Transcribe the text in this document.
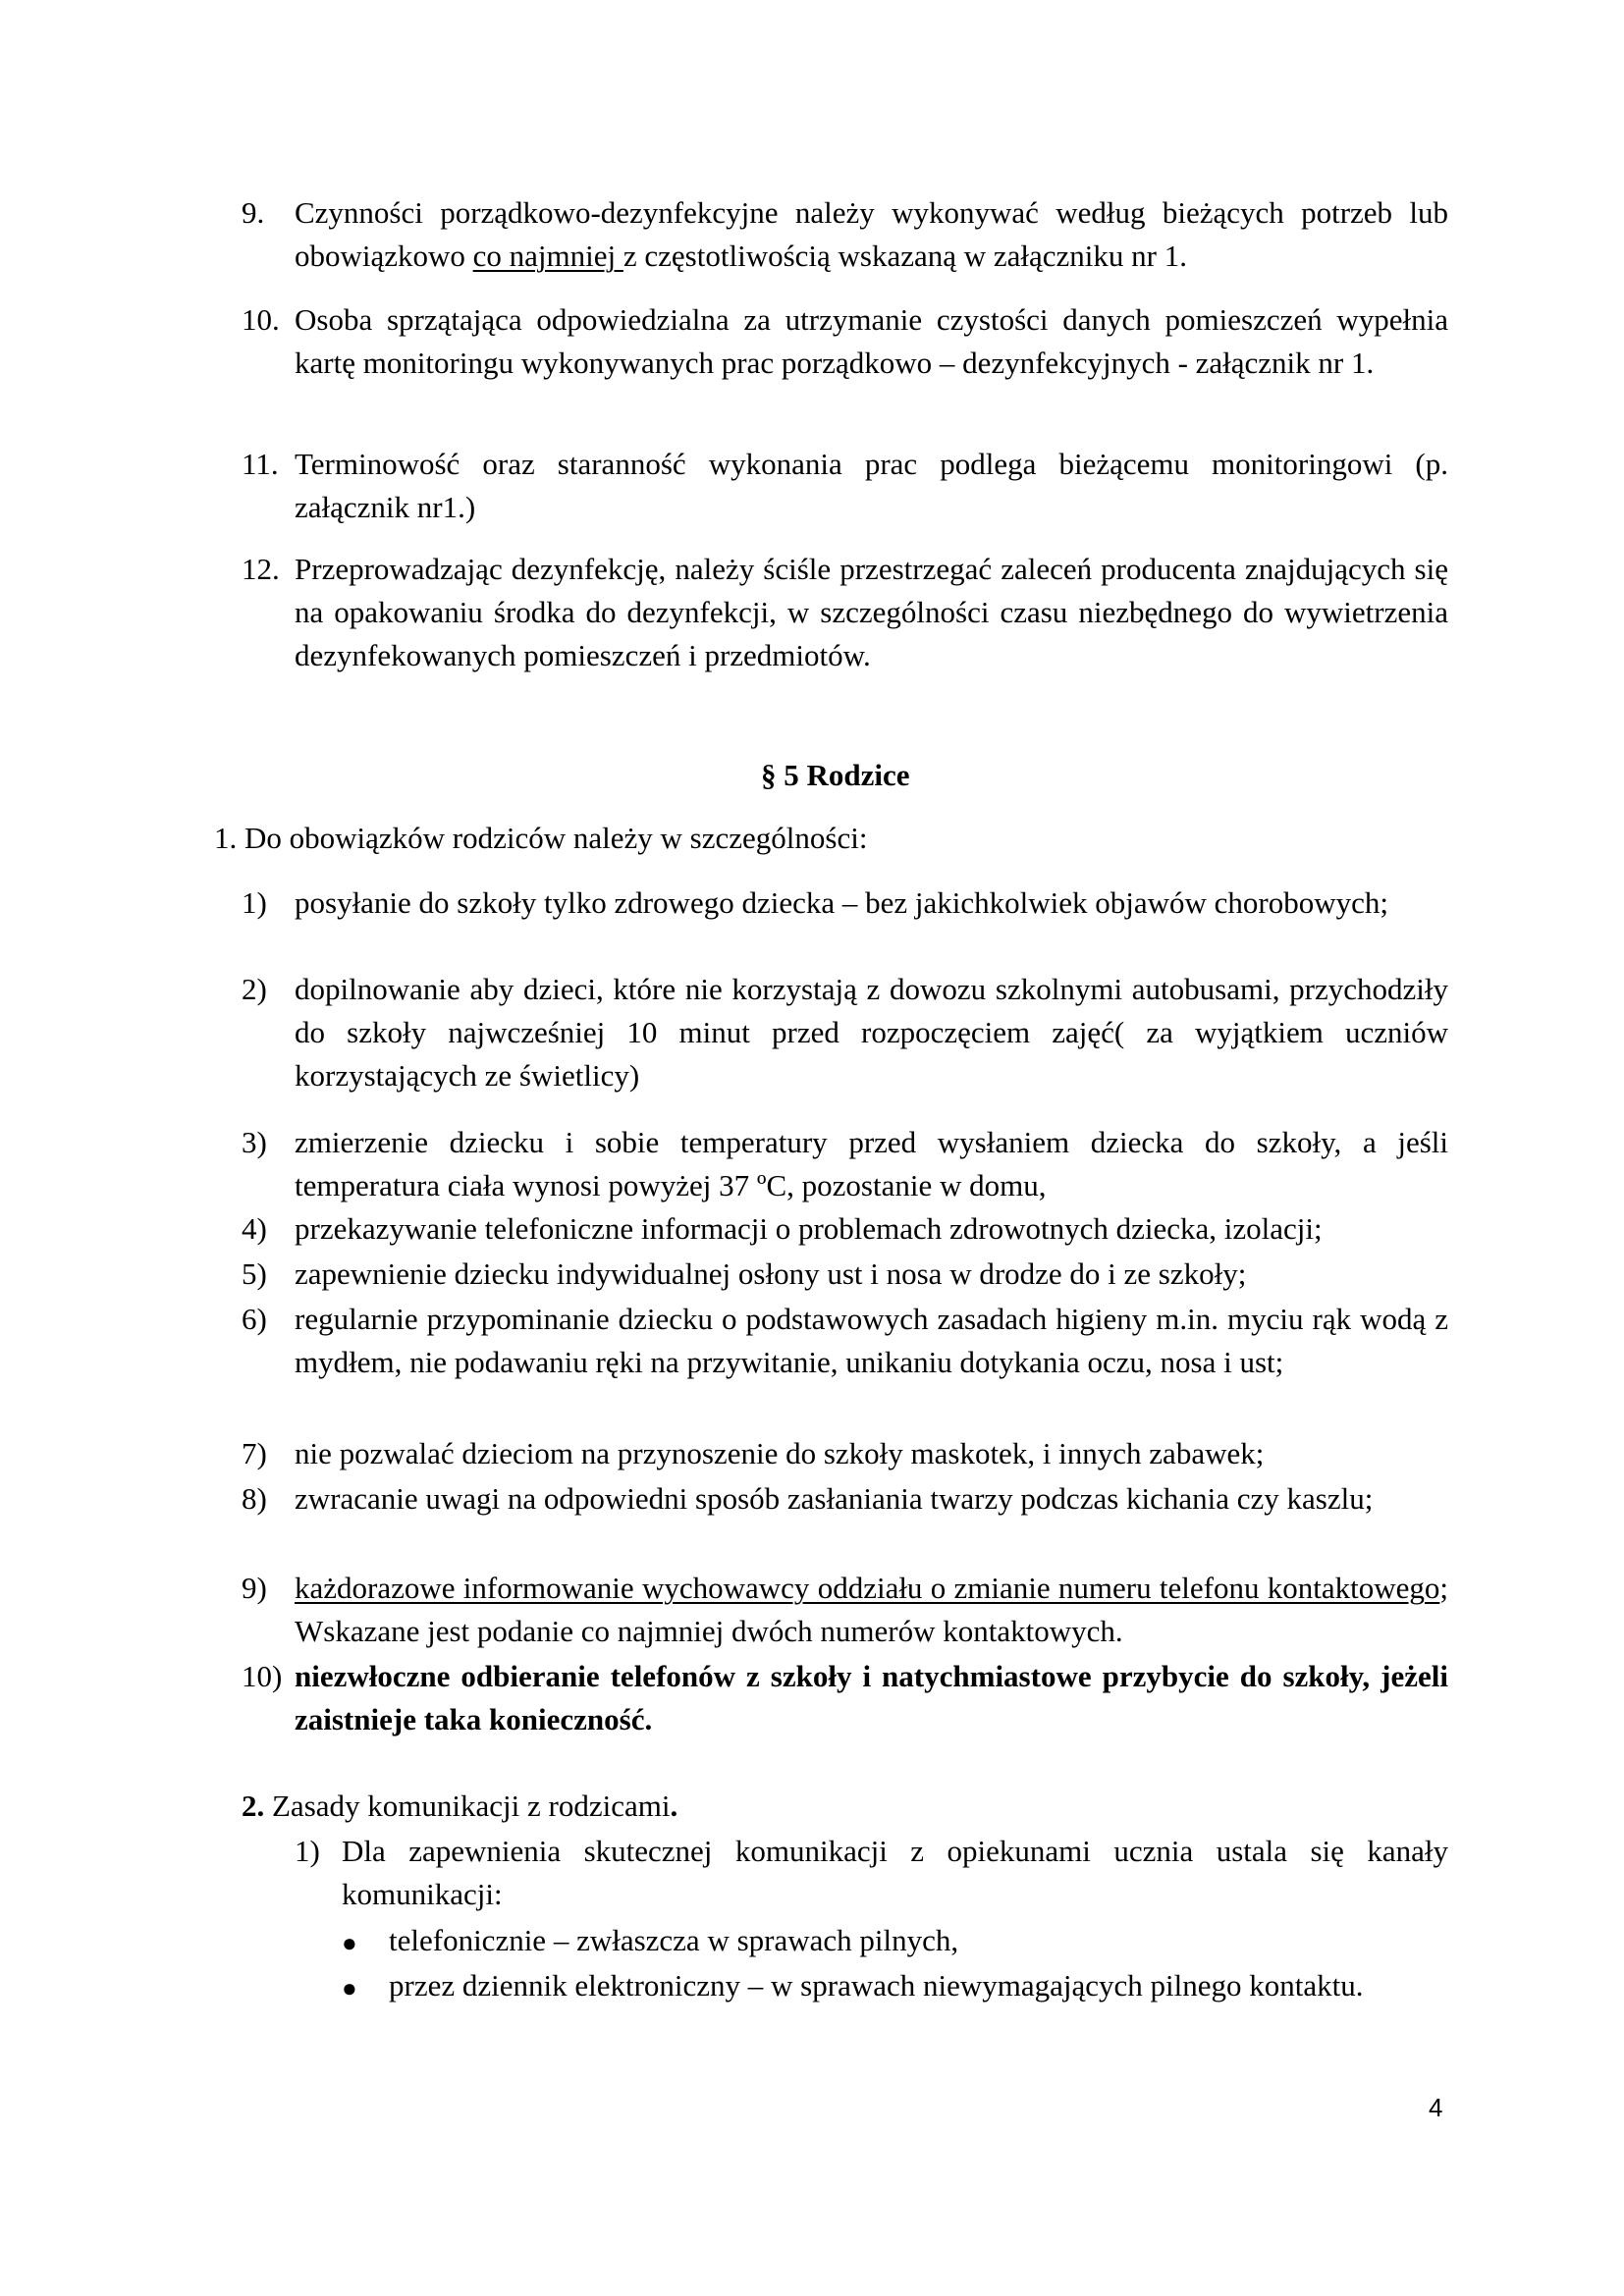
9. Czynności porządkowo-dezynfekcyjne należy wykonywać według bieżących potrzeb lub obowiązkowo co najmniej z częstotliwością wskazaną w załączniku nr 1.
10. Osoba sprzątająca odpowiedzialna za utrzymanie czystości danych pomieszczeń wypełnia kartę monitoringu wykonywanych prac porządkowo – dezynfekcyjnych - załącznik nr 1.
11. Terminowość oraz staranność wykonania prac podlega bieżącemu monitoringowi (p. załącznik nr1.)
12. Przeprowadzając dezynfekcję, należy ściśle przestrzegać zaleceń producenta znajdujących się na opakowaniu środka do dezynfekcji, w szczególności czasu niezbędnego do wywietrzenia dezynfekowanych pomieszczeń i przedmiotów.
§ 5 Rodzice
1. Do obowiązków rodziców należy w szczególności:
1) posyłanie do szkoły tylko zdrowego dziecka – bez jakichkolwiek objawów chorobowych;
2) dopilnowanie aby dzieci, które nie korzystają z dowozu szkolnymi autobusami, przychodziły do szkoły najwcześniej 10 minut przed rozpoczęciem zajęć( za wyjątkiem uczniów korzystających ze świetlicy)
3) zmierzenie dziecku i sobie temperatury przed wysłaniem dziecka do szkoły, a jeśli temperatura ciała wynosi powyżej 37 ºC, pozostanie w domu,
4) przekazywanie telefoniczne informacji o problemach zdrowotnych dziecka, izolacji;
5) zapewnienie dziecku indywidualnej osłony ust i nosa w drodze do i ze szkoły;
6) regularnie przypominanie dziecku o podstawowych zasadach higieny m.in. myciu rąk wodą z mydłem, nie podawaniu ręki na przywitanie, unikaniu dotykania oczu, nosa i ust;
7) nie pozwalać dzieciom na przynoszenie do szkoły maskotek, i innych zabawek;
8) zwracanie uwagi na odpowiedni sposób zasłaniania twarzy podczas kichania czy kaszlu;
9) każdorazowe informowanie wychowawcy oddziału o zmianie numeru telefonu kontaktowego; Wskazane jest podanie co najmniej dwóch numerów kontaktowych.
10) niezwłoczne odbieranie telefonów z szkoły i natychmiastowe przybycie do szkoły, jeżeli zaistnieje taka konieczność.
2. Zasady komunikacji z rodzicami.
1) Dla zapewnienia skutecznej komunikacji z opiekunami ucznia ustala się kanały komunikacji:
● telefonicznie – zwłaszcza w sprawach pilnych,
● przez dziennik elektroniczny – w sprawach niewymagających pilnego kontaktu.
4
